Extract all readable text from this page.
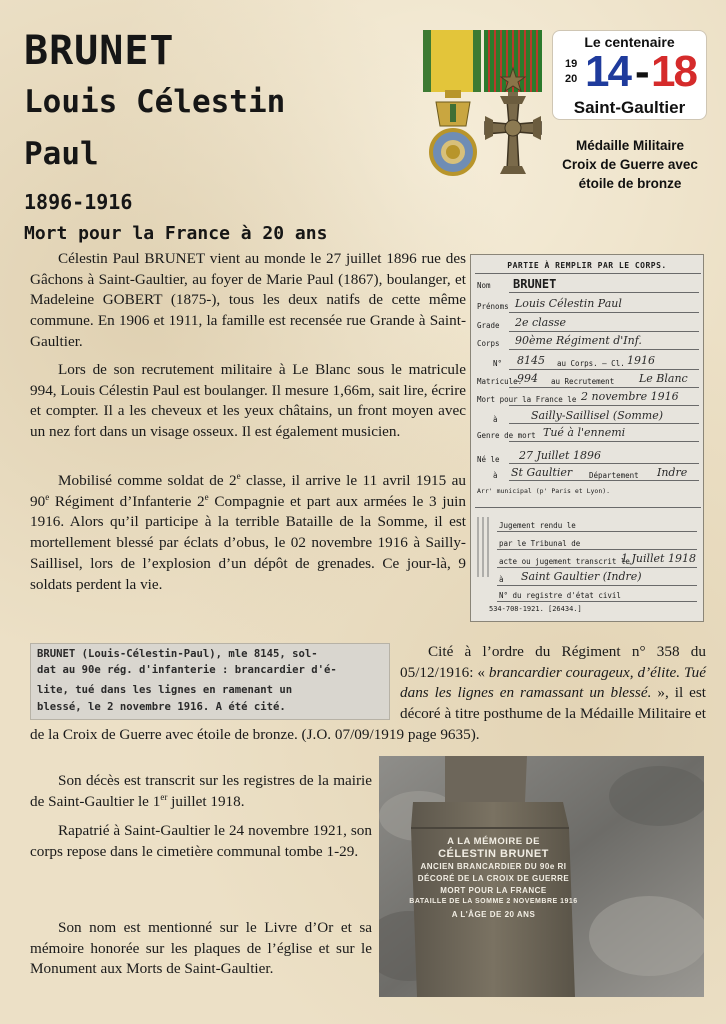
BRUNET
Louis Célestin
Paul
1896-1916
Mort pour la France à 20 ans
Le centenaire
19
20 14 - 18
Saint-Gaultier
Médaille Militaire
Croix de Guerre avec
étoile de bronze

Célestin Paul BRUNET vient au monde le 27 juillet 1896 rue des Gâchons à Saint-Gaultier, au foyer de Marie Paul (1867), boulanger, et Madeleine GOBERT (1875-), tous les deux natifs de cette même commune. En 1906 et 1911, la famille est recensée rue Grande à Saint-Gaultier.

Lors de son recrutement militaire à Le Blanc sous le matricule 994, Louis Célestin Paul est boulanger. Il mesure 1,66m, sait lire, écrire et compter. Il a les cheveux et les yeux châtains, un front moyen avec un nez fort dans un visage osseux. Il est également musicien.

Mobilisé comme soldat de 2e classe, il arrive le 11 avril 1915 au 90e Régiment d’Infanterie 2e Compagnie et part aux armées le 3 juin 1916. Alors qu’il participe à la terrible Bataille de la Somme, il est mortellement blessé par éclats d’obus, le 02 novembre 1916 à Sailly-Saillisel, lors de l’explosion d’un dépôt de grenades. Ce jour-là, 9 soldats perdent la vie.

Cité à l’ordre du Régiment n° 358 du 05/12/1916: « brancardier courageux, d’élite. Tué dans les lignes en ramassant un blessé. », il est décoré à titre posthume de la Médaille Militaire et de la Croix de Guerre avec étoile de bronze. (J.O. 07/09/1919 page 9635).

Son décès est transcrit sur les registres de la mairie de Saint-Gaultier le 1er juillet 1918.

Rapatrié à Saint-Gaultier le 24 novembre 1921, son corps repose dans le cimetière communal tombe 1-29.

Son nom est mentionné sur le Livre d’Or et sa mémoire honorée sur les plaques de l’église et sur le Monument aux Morts de Saint-Gaultier.

PARTIE À REMPLIR PAR LE CORPS.
Nom BRUNET
Prénoms Louis Célestin Paul
Grade 2e classe
Corps 90ème Régiment d'Inf.
N° 8145 au Corps. — Cl. 1916
Matricule.
994 au Recrutement Le Blanc
Mort pour la France le 2 novembre 1916
à	Sailly-Saillisel (Somme)
Genre de mort Tué à l'ennemi
Né le 27 Juillet 1896
à St Gaultier Département Indre
Arr' municipal (p' Paris et Lyon).
Jugement rendu le
par le Tribunal de
acte ou jugement transcrit le
1 Juillet 1918
à Saint Gaultier (Indre)
N° du registre d'état civil
534-708-1921. [26434.]
BRUNET (Louis-Célestin-Paul), mle 8145, sol-
dat au 90e rég. d'infanterie : brancardier d'é-
lite, tué dans les lignes en ramenant un
blessé, le 2 novembre 1916. A été cité.
A LA MÉMOIRE DE
CÉLESTIN BRUNET
ANCIEN BRANCARDIER DU 90e RI
DÉCORÉ DE LA CROIX DE GUERRE
MORT POUR LA FRANCE
BATAILLE DE LA SOMME 2 NOVEMBRE 1916
A L'ÂGE DE 20 ANS
